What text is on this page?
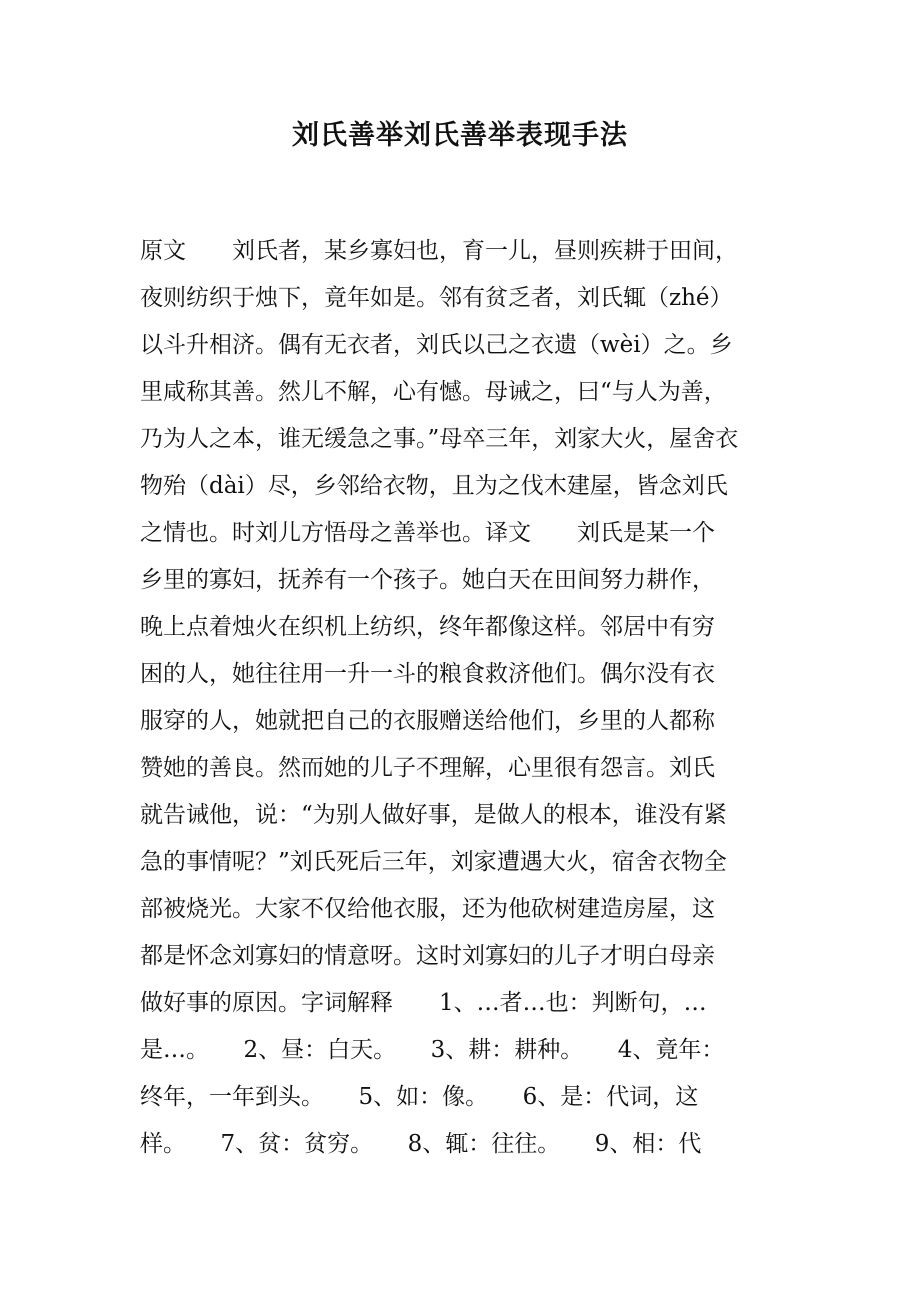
刘氏善举刘氏善举表现手法
原文　　刘氏者，某乡寡妇也，育一儿，昼则疾耕于田间，
夜则纺织于烛下，竟年如是。邻有贫乏者，刘氏辄（zhé）
以斗升相济。偶有无衣者，刘氏以己之衣遗（wèi）之。乡
里咸称其善。然儿不解，心有憾。母诫之，曰“与人为善，
乃为人之本，谁无缓急之事。”母卒三年，刘家大火，屋舍衣
物殆（dài）尽，乡邻给衣物，且为之伐木建屋，皆念刘氏
之情也。时刘儿方悟母之善举也。译文　　刘氏是某一个
乡里的寡妇，抚养有一个孩子。她白天在田间努力耕作，
晚上点着烛火在织机上纺织，终年都像这样。邻居中有穷
困的人，她往往用一升一斗的粮食救济他们。偶尔没有衣
服穿的人，她就把自己的衣服赠送给他们，乡里的人都称
赞她的善良。然而她的儿子不理解，心里很有怨言。刘氏
就告诫他，说：“为别人做好事，是做人的根本，谁没有紧
急的事情呢？”刘氏死后三年，刘家遭遇大火，宿舍衣物全
部被烧光。大家不仅给他衣服，还为他砍树建造房屋，这
都是怀念刘寡妇的情意呀。这时刘寡妇的儿子才明白母亲
做好事的原因。字词解释　　1、…者…也：判断句，…
是…。　　2、昼：白天。　　3、耕：耕种。　　4、竟年：
终年，一年到头。　　5、如：像。　　6、是：代词，这
样。　　7、贫：贫穷。　　8、辄：往往。　　9、相：代
